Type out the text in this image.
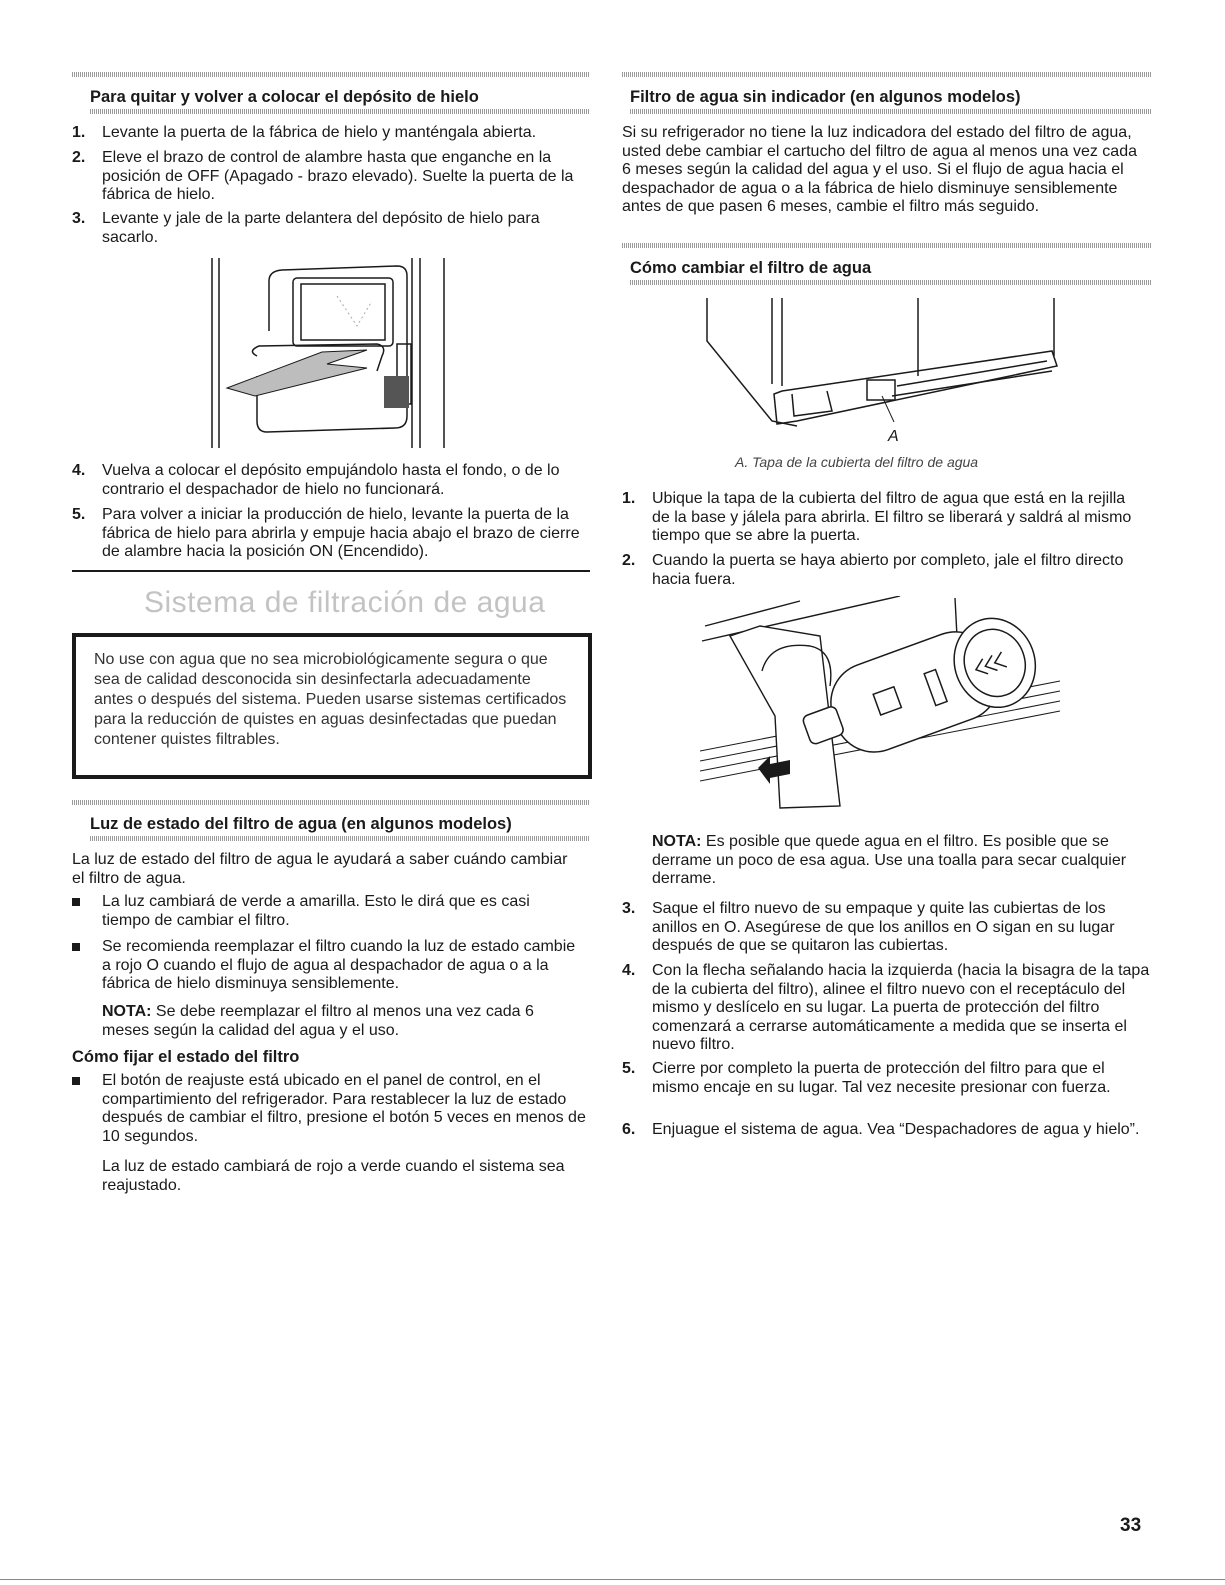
Para quitar y volver a colocar el depósito de hielo
1. Levante la puerta de la fábrica de hielo y manténgala abierta.
2. Eleve el brazo de control de alambre hasta que enganche en la posición de OFF (Apagado - brazo elevado). Suelte la puerta de la fábrica de hielo.
3. Levante y jale de la parte delantera del depósito de hielo para sacarlo.
4. Vuelva a colocar el depósito empujándolo hasta el fondo, o de lo contrario el despachador de hielo no funcionará.
5. Para volver a iniciar la producción de hielo, levante la puerta de la fábrica de hielo para abrirla y empuje hacia abajo el brazo de cierre de alambre hacia la posición ON (Encendido).
Sistema de filtración de agua
No use con agua que no sea microbiológicamente segura o que sea de calidad desconocida sin desinfectarla adecuadamente antes o después del sistema. Pueden usarse sistemas certificados para la reducción de quistes en aguas desinfectadas que puedan contener quistes filtrables.
Luz de estado del filtro de agua (en algunos modelos)
La luz de estado del filtro de agua le ayudará a saber cuándo cambiar el filtro de agua.
La luz cambiará de verde a amarilla. Esto le dirá que es casi tiempo de cambiar el filtro.
Se recomienda reemplazar el filtro cuando la luz de estado cambie a rojo O cuando el flujo de agua al despachador de agua o a la fábrica de hielo disminuya sensiblemente.
NOTA: Se debe reemplazar el filtro al menos una vez cada 6 meses según la calidad del agua y el uso.
Cómo fijar el estado del filtro
El botón de reajuste está ubicado en el panel de control, en el compartimiento del refrigerador. Para restablecer la luz de estado después de cambiar el filtro, presione el botón 5 veces en menos de 10 segundos.
La luz de estado cambiará de rojo a verde cuando el sistema sea reajustado.
Filtro de agua sin indicador (en algunos modelos)
Si su refrigerador no tiene la luz indicadora del estado del filtro de agua, usted debe cambiar el cartucho del filtro de agua al menos una vez cada 6 meses según la calidad del agua y el uso. Si el flujo de agua hacia el despachador de agua o a la fábrica de hielo disminuye sensiblemente antes de que pasen 6 meses, cambie el filtro más seguido.
Cómo cambiar el filtro de agua
A
A. Tapa de la cubierta del filtro de agua
1. Ubique la tapa de la cubierta del filtro de agua que está en la rejilla de la base y jálela para abrirla. El filtro se liberará y saldrá al mismo tiempo que se abre la puerta.
2. Cuando la puerta se haya abierto por completo, jale el filtro directo hacia fuera.
NOTA: Es posible que quede agua en el filtro. Es posible que se derrame un poco de esa agua. Use una toalla para secar cualquier derrame.
3. Saque el filtro nuevo de su empaque y quite las cubiertas de los anillos en O. Asegúrese de que los anillos en O sigan en su lugar después de que se quitaron las cubiertas.
4. Con la flecha señalando hacia la izquierda (hacia la bisagra de la tapa de la cubierta del filtro), alinee el filtro nuevo con el receptáculo del mismo y deslícelo en su lugar. La puerta de protección del filtro comenzará a cerrarse automáticamente a medida que se inserta el nuevo filtro.
5. Cierre por completo la puerta de protección del filtro para que el mismo encaje en su lugar. Tal vez necesite presionar con fuerza.
6. Enjuague el sistema de agua. Vea “Despachadores de agua y hielo”.
33
